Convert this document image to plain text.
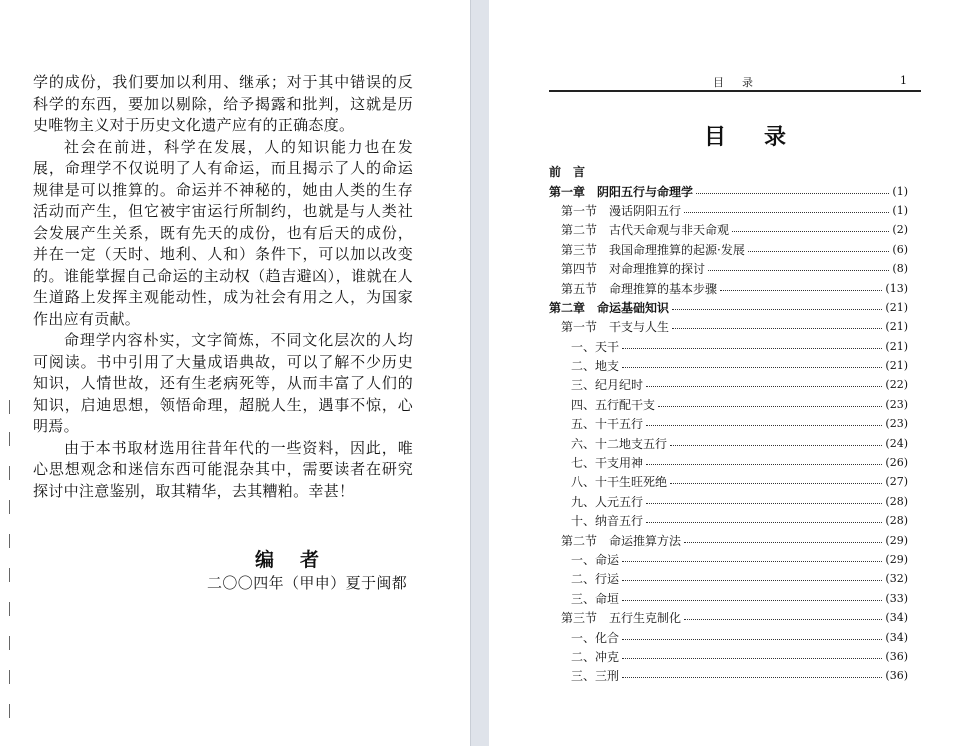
学的成份，我们要加以利用、继承；对于其中错误的反科学的东西，要加以剔除，给予揭露和批判，这就是历史唯物主义对于历史文化遗产应有的正确态度。

社会在前进，科学在发展，人的知识能力也在发展，命理学不仅说明了人有命运，而且揭示了人的命运规律是可以推算的。命运并不神秘的，她由人类的生存活动而产生，但它被宇宙运行所制约，也就是与人类社会发展产生关系，既有先天的成份，也有后天的成份，并在一定（天时、地利、人和）条件下，可以加以改变的。谁能掌握自己命运的主动权（趋吉避凶），谁就在人生道路上发挥主观能动性，成为社会有用之人，为国家作出应有贡献。

命理学内容朴实，文字简炼，不同文化层次的人均可阅读。书中引用了大量成语典故，可以了解不少历史知识，人情世故，还有生老病死等，从而丰富了人们的知识，启迪思想，领悟命理，超脱人生，遇事不惊，心明焉。

由于本书取材选用往昔年代的一些资料，因此，唯心思想观念和迷信东西可能混杂其中，需要读者在研究探讨中注意鉴别，取其精华，去其糟粕。幸甚！

编者
二〇〇四年（甲申）夏于闽都
目录	1
目录
前　言
第一章　阴阳五行与命理学	(1)
第一节　漫话阴阳五行	(1)
第二节　古代天命观与非天命观	(2)
第三节　我国命理推算的起源·发展	(6)
第四节　对命理推算的探讨	(8)
第五节　命理推算的基本步骤	(13)
第二章　命运基础知识	(21)
第一节　干支与人生	(21)
一、天干	(21)
二、地支	(21)
三、纪月纪时	(22)
四、五行配干支	(23)
五、十干五行	(23)
六、十二地支五行	(24)
七、干支用神	(26)
八、十干生旺死绝	(27)
九、人元五行	(28)
十、纳音五行	(28)
第二节　命运推算方法	(29)
一、命运	(29)
二、行运	(32)
三、命垣	(33)
第三节　五行生克制化	(34)
一、化合	(34)
二、冲克	(36)
三、三刑	(36)
